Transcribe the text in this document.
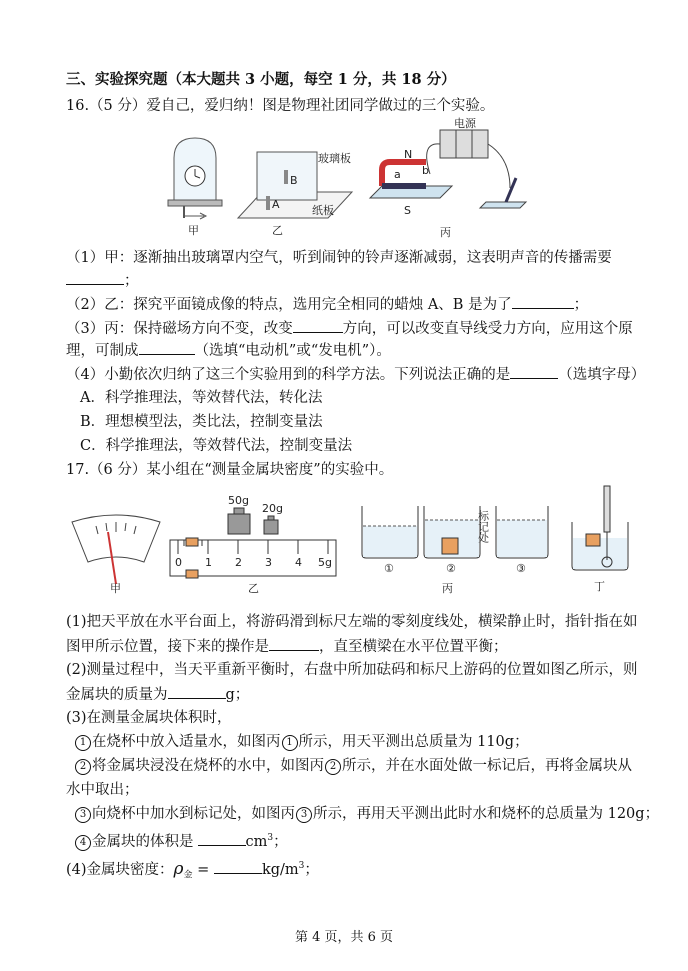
三、实验探究题（本大题共 3 小题，每空 1 分，共 18 分）
16.（5 分）爱自己，爱归纳！图是物理社团同学做过的三个实验。
甲
A
B
玻璃板
纸板
乙
电源
N
S
a b
丙
（1）甲：逐渐抽出玻璃罩内空气，听到闹钟的铃声逐渐减弱，这表明声音的传播需要
；
（2）乙：探究平面镜成像的特点，选用完全相同的蜡烛 A、B 是为了	；
（3）丙：保持磁场方向不变，改变	方向，可以改变直导线受力方向，应用这个原
理，可制成	（选填“电动机”或“发电机”）。
（4）小勤依次归纳了这三个实验用到的科学方法。下列说法正确的是	（选填字母）
A．科学推理法，等效替代法，转化法
B．理想模型法，类比法，控制变量法
C．科学推理法，等效替代法，控制变量法
17.（6 分）某小组在“测量金属块密度”的实验中。
甲
50g
20g
0 1 2 3 4 5g
乙
标记处
①	②	③
丙	丁
(1)把天平放在水平台面上，将游码滑到标尺左端的零刻度线处，横梁静止时，指针指在如
图甲所示位置，接下来的操作是	，直至横梁在水平位置平衡；
(2)测量过程中，当天平重新平衡时，右盘中所加砝码和标尺上游码的位置如图乙所示，则
金属块的质量为	g；
(3)在测量金属块体积时，
1 在烧杯中放入适量水，如图丙 1 所示，用天平测出总质量为 110g；
2 将金属块浸没在烧杯的水中，如图丙 2 所示，并在水面处做一标记后，再将金属块从
水中取出；
3 向烧杯中加水到标记处，如图丙 3 所示，再用天平测出此时水和烧杯的总质量为 120g；
4 金属块的体积是	$cm^3$；
(4)金属块密度：$\rho_金$ =	$kg/m^3$；
第 4 页，共 6 页
